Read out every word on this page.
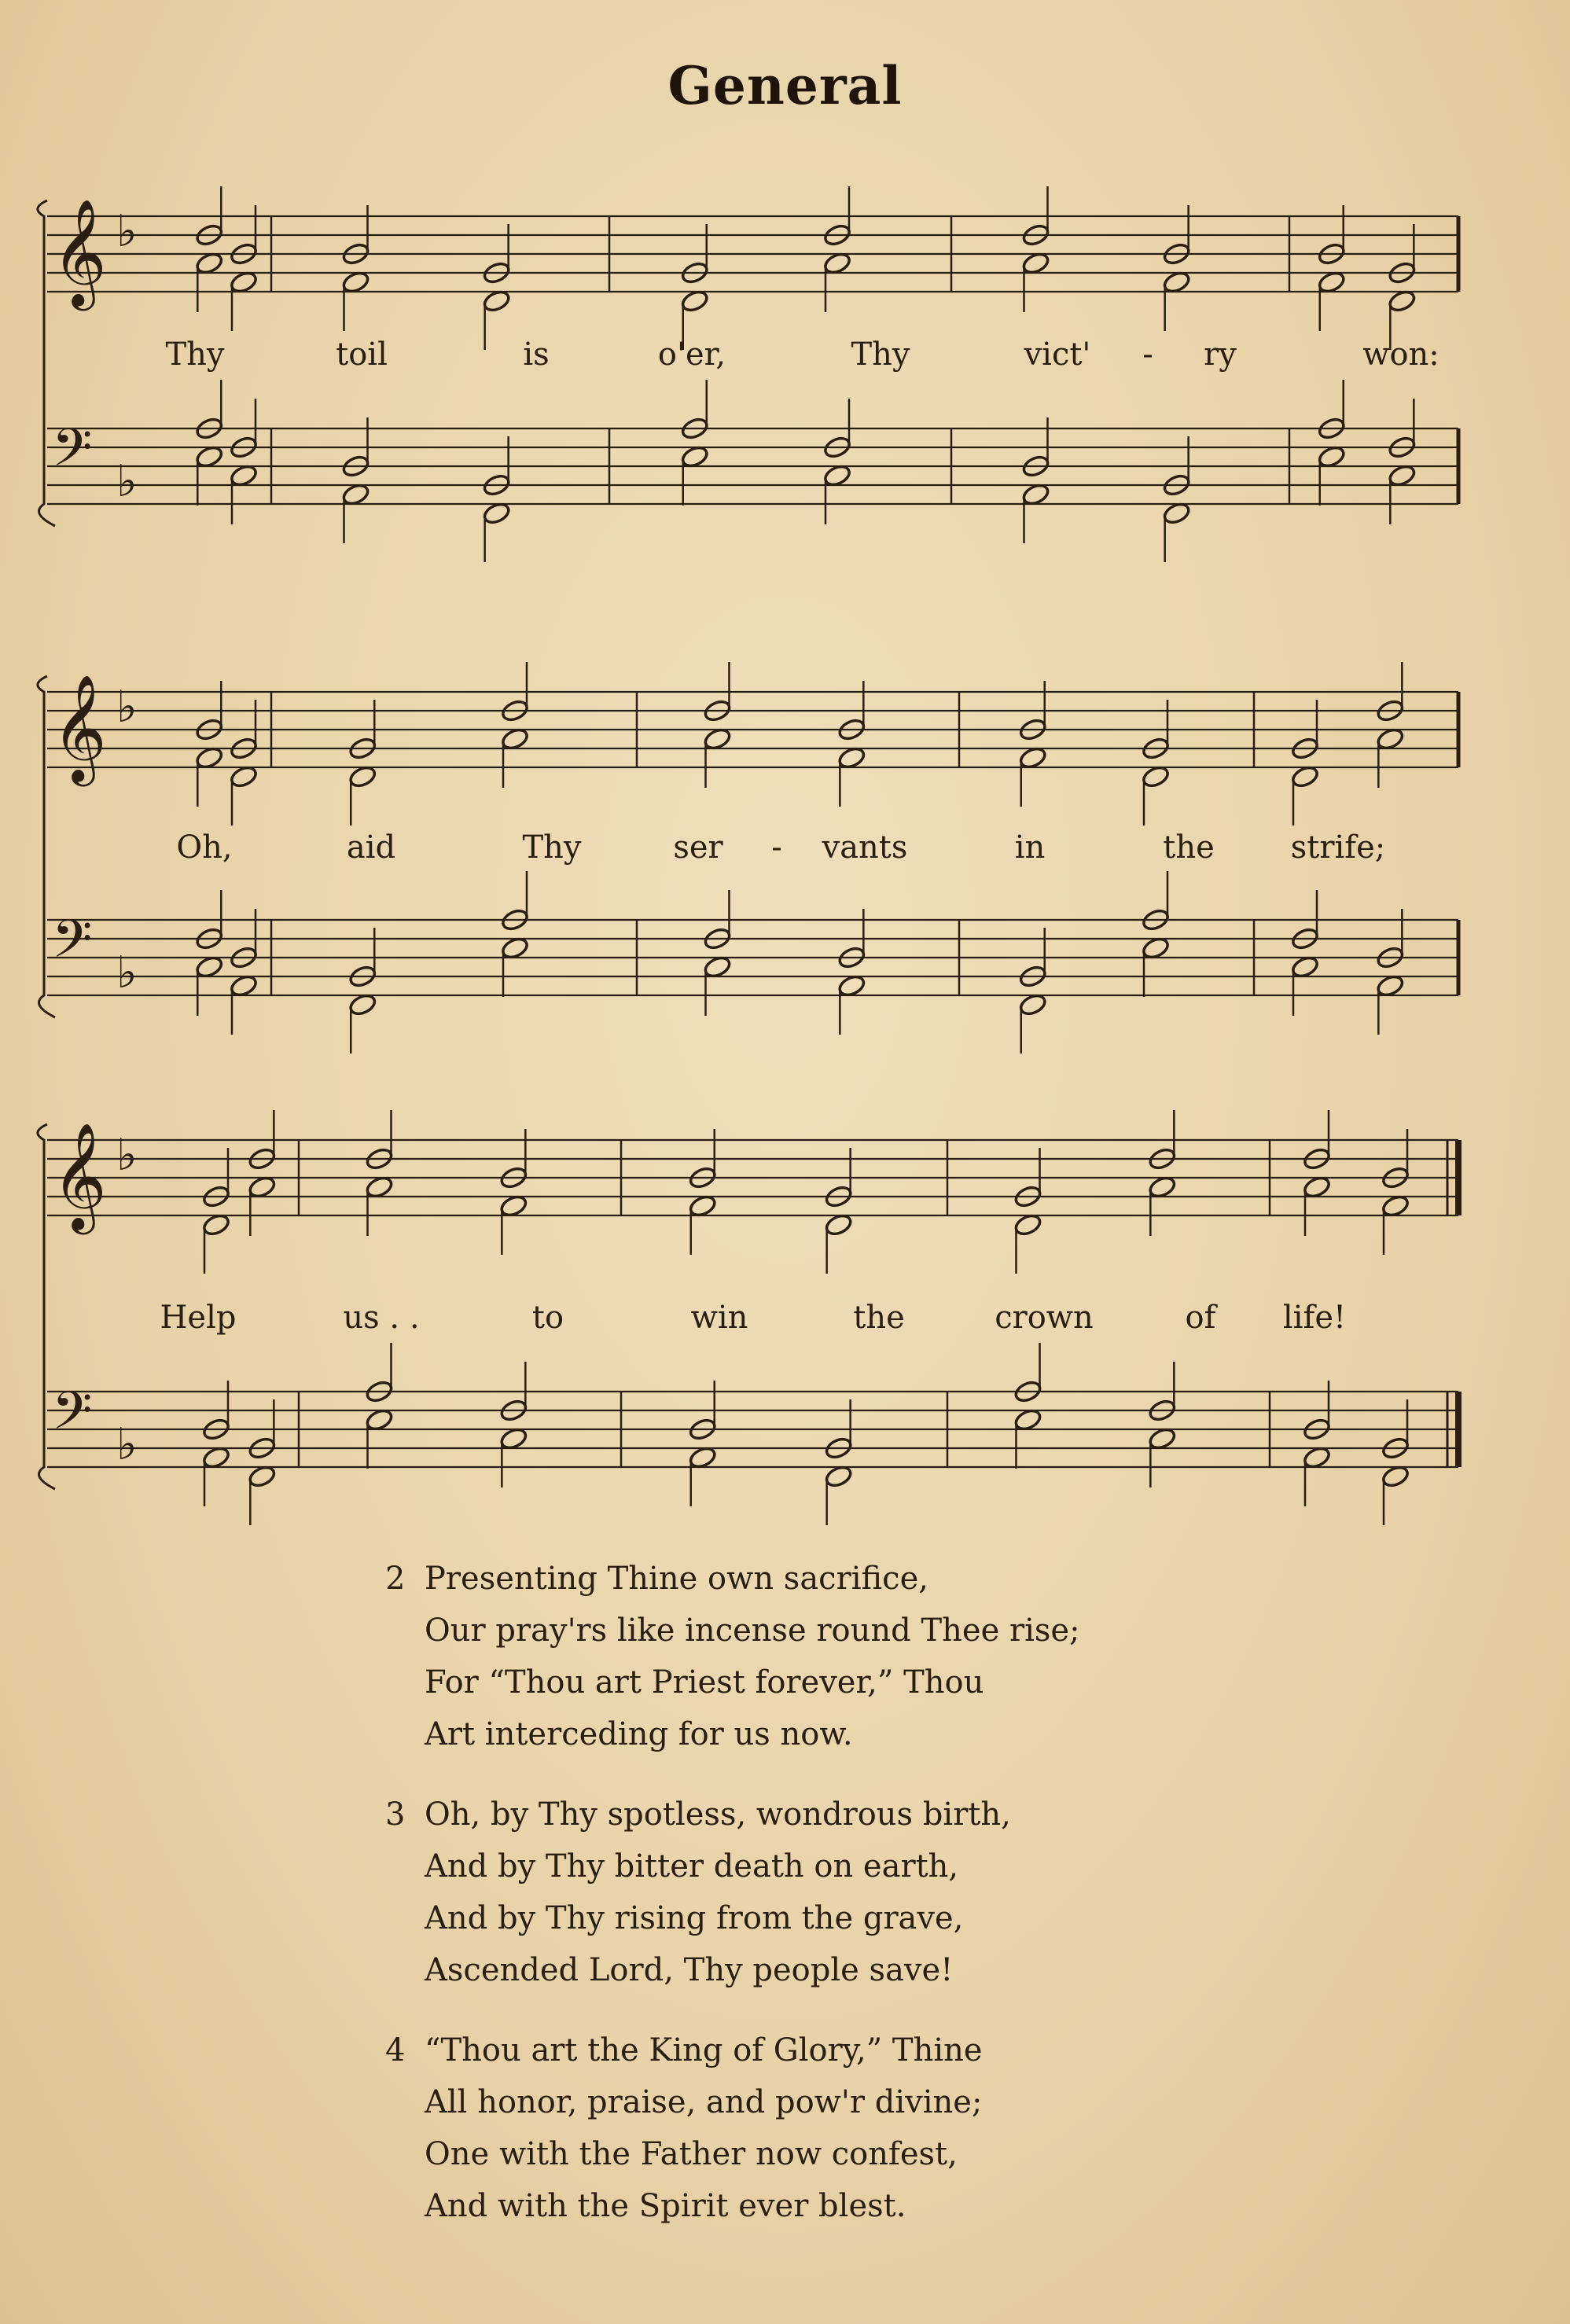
General
𝄞 ♭
𝄢 ♭
𝄞 ♭
𝄢 ♭
𝄞 ♭
𝄢 ♭
Thy	toil	is	o'er,	Thy	vict' - ry	won:
Oh,	aid	Thy	ser - vants	in	the strife;
Help	us . .	to	win	the	crown	of life!
2 Presenting Thine own sacrifice,
Our pray'rs like incense round Thee rise;
For “Thou art Priest forever,” Thou
Art interceding for us now.
3 Oh, by Thy spotless, wondrous birth,
And by Thy bitter death on earth,
And by Thy rising from the grave,
Ascended Lord, Thy people save!
4 “Thou art the King of Glory,” Thine
All honor, praise, and pow'r divine;
One with the Father now confest,
And with the Spirit ever blest.
